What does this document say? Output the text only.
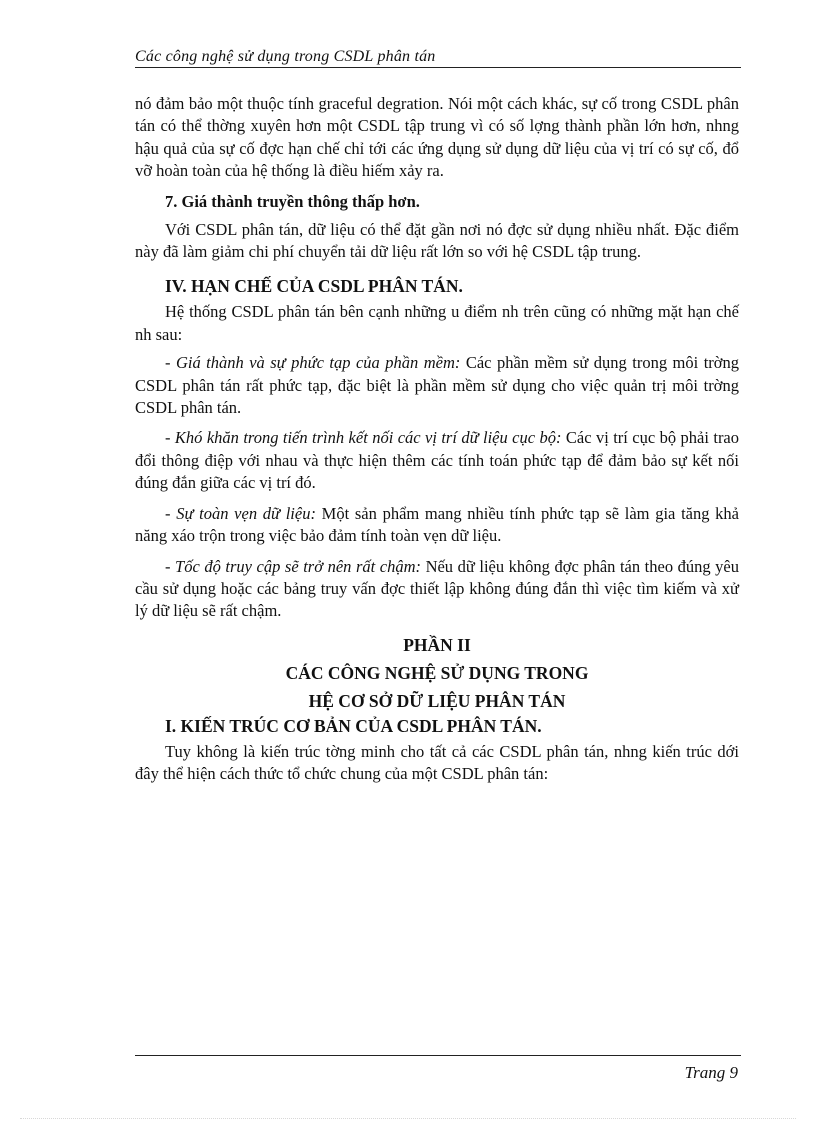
Các công nghệ sử dụng trong CSDL phân tán

nó đảm bảo một thuộc tính graceful degration. Nói một cách khác, sự cố trong CSDL phân tán có thể thờng xuyên hơn một CSDL tập trung vì có số lợng thành phần lớn hơn, nhng hậu quả của sự cố đợc hạn chế chỉ tới các ứng dụng sử dụng dữ liệu của vị trí có sự cố, đổ vỡ hoàn toàn của hệ thống là điều hiếm xảy ra.

7. Giá thành truyền thông thấp hơn.

Với CSDL phân tán, dữ liệu có thể đặt gần nơi nó đợc sử dụng nhiều nhất. Đặc điểm này đã làm giảm chi phí chuyển tải dữ liệu rất lớn so với hệ CSDL tập trung.

IV. HẠN CHẾ CỦA CSDL PHÂN TÁN.

Hệ thống CSDL phân tán bên cạnh những u điểm nh trên cũng có những mặt hạn chế nh sau:

- Giá thành và sự phức tạp của phần mềm: Các phần mềm sử dụng trong môi trờng CSDL phân tán rất phức tạp, đặc biệt là phần mềm sử dụng cho việc quản trị môi trờng CSDL phân tán.

- Khó khăn trong tiến trình kết nối các vị trí dữ liệu cục bộ: Các vị trí cục bộ phải trao đổi thông điệp với nhau và thực hiện thêm các tính toán phức tạp để đảm bảo sự kết nối đúng đắn giữa các vị trí đó.

- Sự toàn vẹn dữ liệu: Một sản phẩm mang nhiều tính phức tạp sẽ làm gia tăng khả năng xáo trộn trong việc bảo đảm tính toàn vẹn dữ liệu.

- Tốc độ truy cập sẽ trở nên rất chậm: Nếu dữ liệu không đợc phân tán theo đúng yêu cầu sử dụng hoặc các bảng truy vấn đợc thiết lập không đúng đắn thì việc tìm kiếm và xử lý dữ liệu sẽ rất chậm.

PHẦN II
CÁC CÔNG NGHỆ SỬ DỤNG TRONG
HỆ CƠ SỞ DỮ LIỆU PHÂN TÁN
I. KIẾN TRÚC CƠ BẢN CỦA CSDL PHÂN TÁN.

Tuy không là kiến trúc tờng minh cho tất cả các CSDL phân tán, nhng kiến trúc dới đây thể hiện cách thức tổ chức chung của một CSDL phân tán:

Trang 9
